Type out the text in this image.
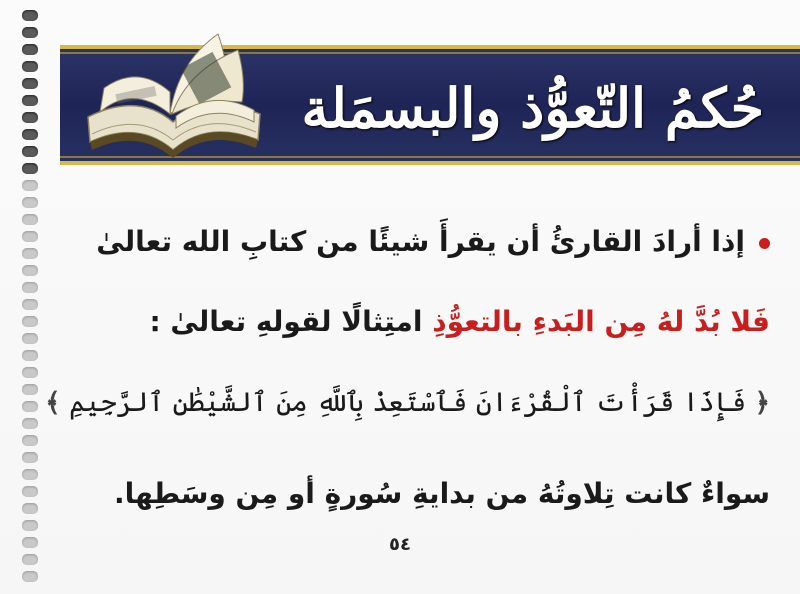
حُكمُ التّعوُّذ والبسمَلة
إذا أرادَ القارئُ أن يقرأَ شيئًا من كتابِ الله تعالىٰ
فَلا بُدَّ لهُ مِن البَدءِ بالتعوُّذِ امتِثالًا لقولهِ تعالىٰ :
﴿ فَإِذَا قَرَأْتَ ٱلْقُرْءَانَ فَٱسْتَعِذْ بِٱللَّهِ مِنَ ٱلشَّيْطَٰنِ ٱلرَّجِيمِ ﴾
سواءٌ كانت تِلاوتُهُ من بدايةِ سُورةٍ أو مِن وسَطِها.
٥٤
